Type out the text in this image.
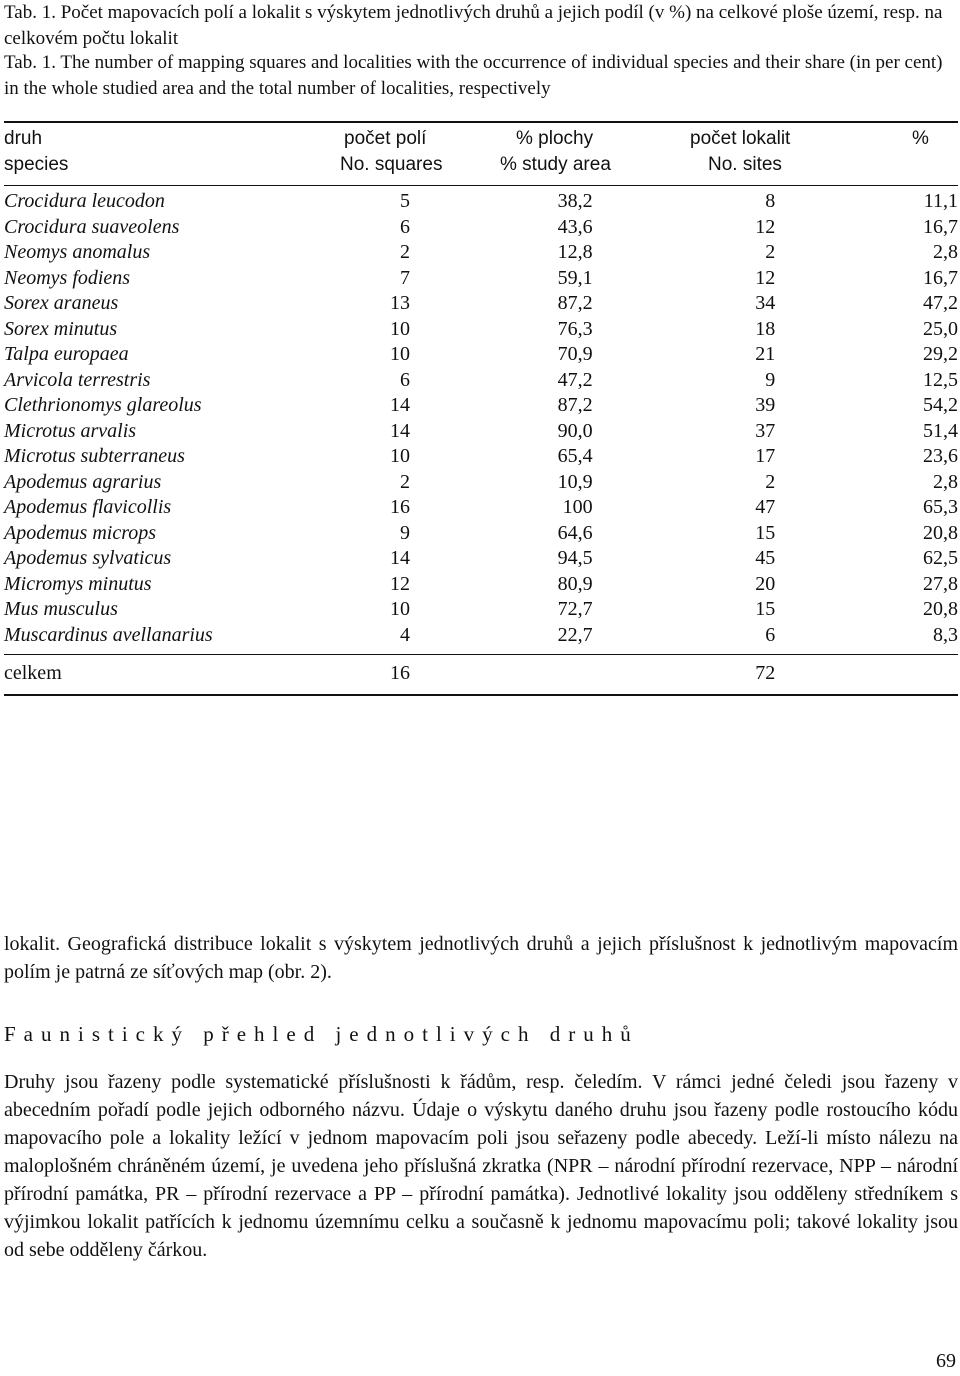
Tab. 1. Počet mapovacích polí a lokalit s výskytem jednotlivých druhů a jejich podíl (v %) na celkové ploše území, resp. na celkovém počtu lokalit
Tab. 1. The number of mapping squares and localities with the occurrence of individual species and their share (in per cent) in the whole studied area and the total number of localities, respectively
druh	počet polí	% plochy	počet lokalit	%
species	No. squares	% study area	No. sites
Crocidura leucodon	5	38,2	8	11,1
Crocidura suaveolens	6	43,6	12	16,7
Neomys anomalus	2	12,8	2	2,8
Neomys fodiens	7	59,1	12	16,7
Sorex araneus	13	87,2	34	47,2
Sorex minutus	10	76,3	18	25,0
Talpa europaea	10	70,9	21	29,2
Arvicola terrestris	6	47,2	9	12,5
Clethrionomys glareolus	14	87,2	39	54,2
Microtus arvalis	14	90,0	37	51,4
Microtus subterraneus	10	65,4	17	23,6
Apodemus agrarius	2	10,9	2	2,8
Apodemus flavicollis	16	100	47	65,3
Apodemus microps	9	64,6	15	20,8
Apodemus sylvaticus	14	94,5	45	62,5
Micromys minutus	12	80,9	20	27,8
Mus musculus	10	72,7	15	20,8
Muscardinus avellanarius	4	22,7	6	8,3
celkem	16		72	
lokalit. Geografická distribuce lokalit s výskytem jednotlivých druhů a jejich příslušnost k jednotlivým mapovacím polím je patrná ze síťových map (obr. 2).
Faunistický přehled jednotlivých druhů
Druhy jsou řazeny podle systematické příslušnosti k řádům, resp. čeledím. V rámci jedné čeledi jsou řazeny v abecedním pořadí podle jejich odborného názvu. Údaje o výskytu daného druhu jsou řazeny podle rostoucího kódu mapovacího pole a lokality ležící v jednom mapovacím poli jsou seřazeny podle abecedy. Leží-li místo nálezu na maloplošném chráněném území, je uvedena jeho příslušná zkratka (NPR – národní přírodní rezervace, NPP – národní přírodní památka, PR – přírodní rezervace a PP – přírodní památka). Jednotlivé lokality jsou odděleny středníkem s výjimkou lokalit patřících k jednomu územnímu celku a současně k jednomu mapovacímu poli; takové lokality jsou od sebe odděleny čárkou.
69
